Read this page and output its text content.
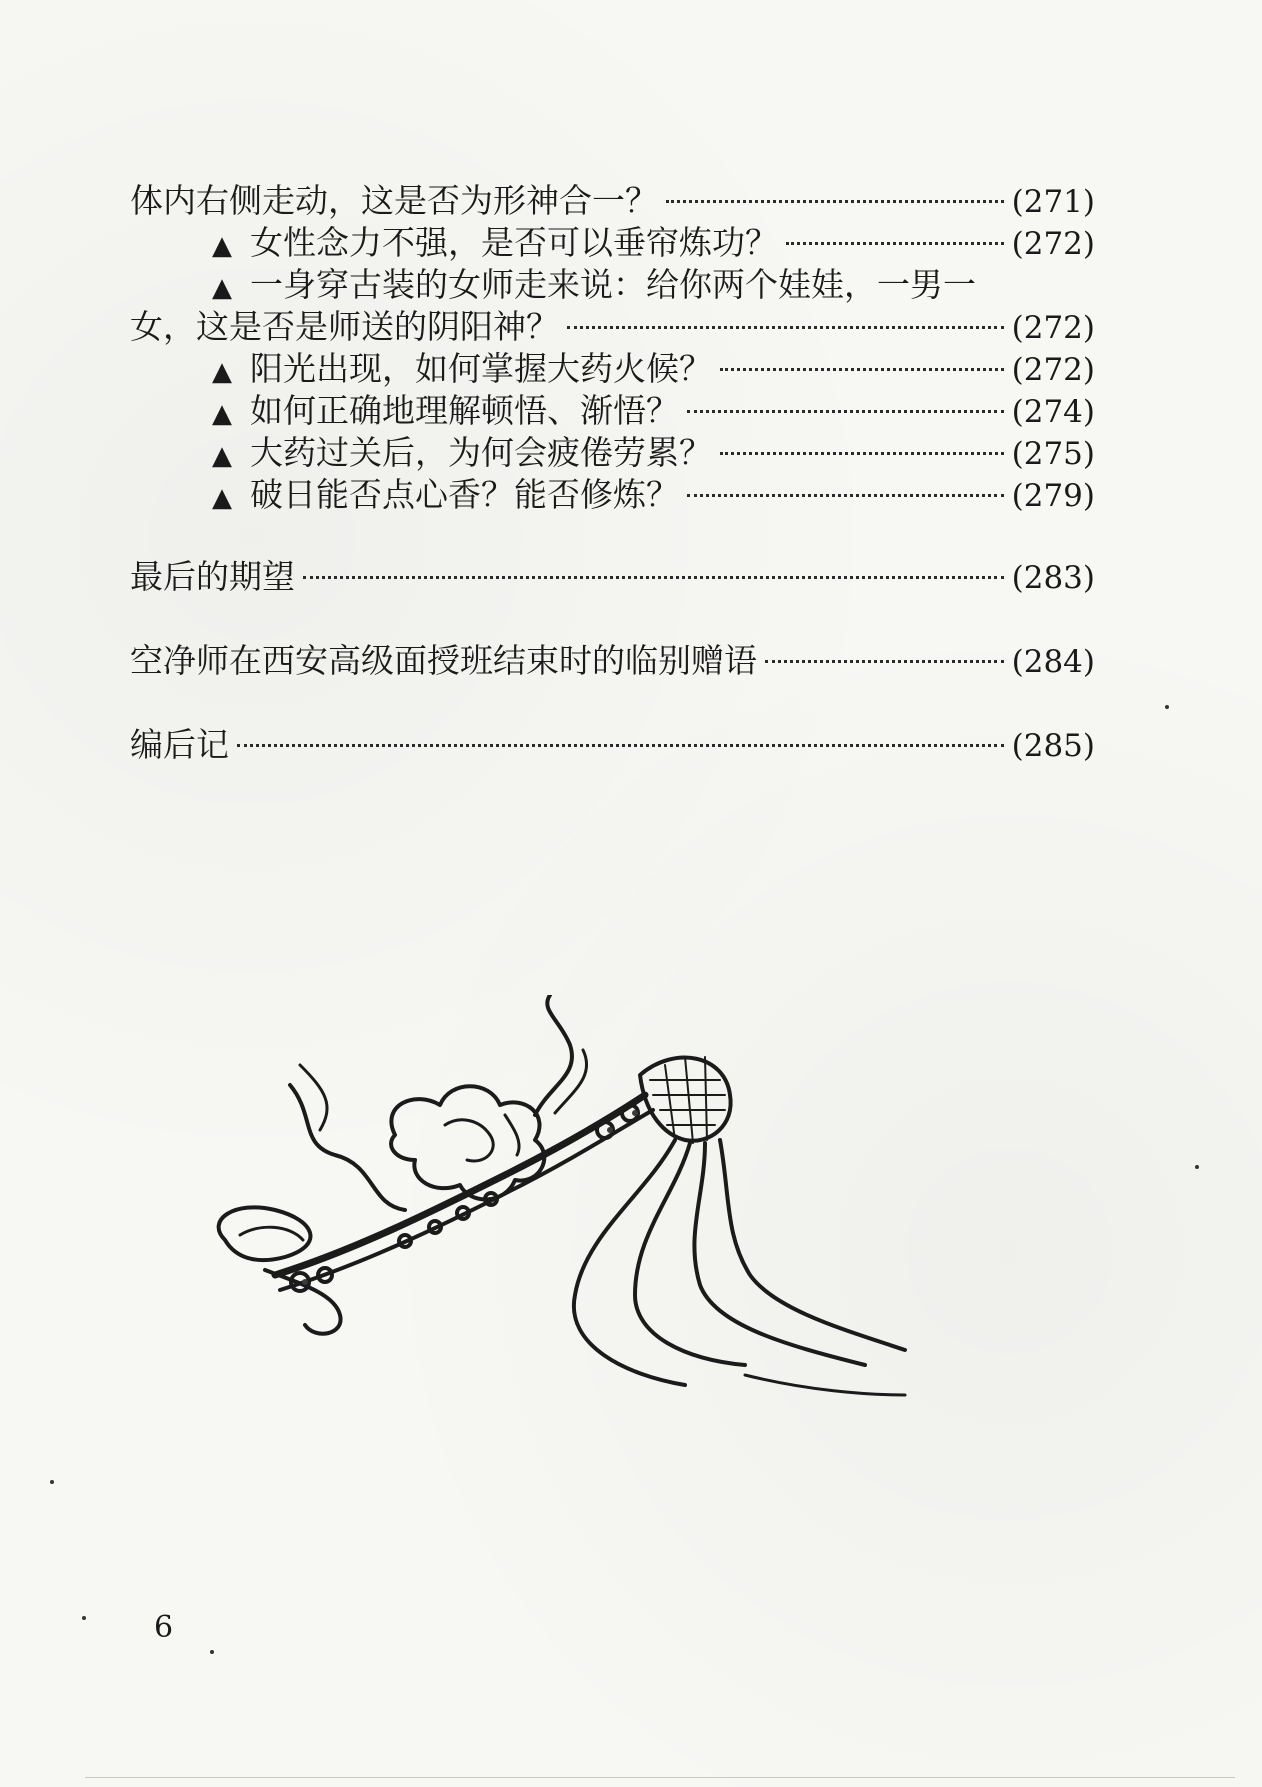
体内右侧走动，这是否为形神合一？	(271)
▲ 女性念力不强，是否可以垂帘炼功？	(272)
▲ 一身穿古装的女师走来说：给你两个娃娃，一男一
女，这是否是师送的阴阳神？	(272)
▲ 阳光出现，如何掌握大药火候？	(272)
▲ 如何正确地理解顿悟、渐悟？	(274)
▲ 大药过关后，为何会疲倦劳累？	(275)
▲ 破日能否点心香？能否修炼？	(279)
最后的期望	(283)
空净师在西安高级面授班结束时的临别赠语	(284)
编后记	(285)
6
